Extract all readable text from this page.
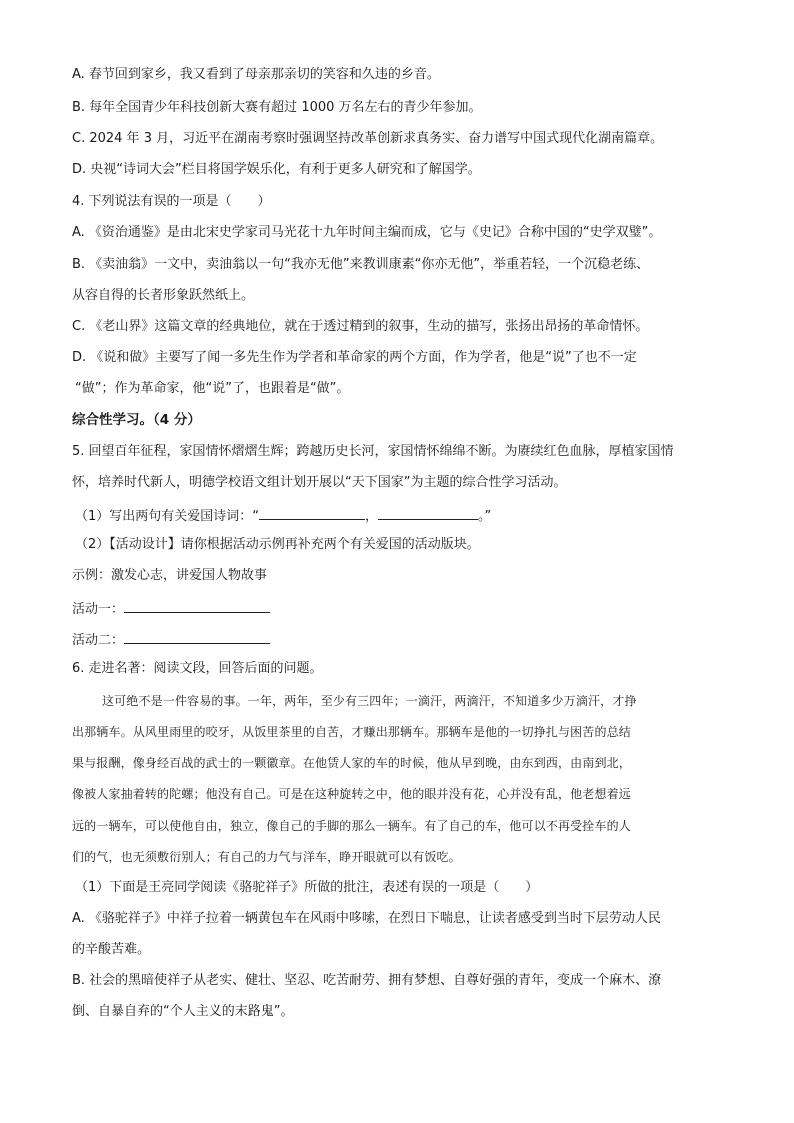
A. 春节回到家乡，我又看到了母亲那亲切的笑容和久违的乡音。
B. 每年全国青少年科技创新大赛有超过 1000 万名左右的青少年参加。
C. 2024 年 3 月，习近平在湖南考察时强调坚持改革创新求真务实、奋力谱写中国式现代化湖南篇章。
D. 央视“诗词大会”栏目将国学娱乐化，有利于更多人研究和了解国学。
4. 下列说法有误的一项是（　　）
A. 《资治通鉴》是由北宋史学家司马光花十九年时间主编而成，它与《史记》合称中国的“史学双璧”。
B. 《卖油翁》一文中，卖油翁以一句“我亦无他”来教训康素“你亦无他”，举重若轻，一个沉稳老练、
从容自得的长者形象跃然纸上。
C. 《老山界》这篇文章的经典地位，就在于透过精到的叙事，生动的描写，张扬出昂扬的革命情怀。
D. 《说和做》主要写了闻一多先生作为学者和革命家的两个方面，作为学者，他是“说”了也不一定
“做”；作为革命家，他“说”了，也跟着是“做”。
综合性学习。（4 分）
5. 回望百年征程，家国情怀熠熠生辉；跨越历史长河，家国情怀绵绵不断。为赓续红色血脉，厚植家国情
怀，培养时代新人，明德学校语文组计划开展以“天下国家”为主题的综合性学习活动。
（1）写出两句有关爱国诗词：“	，	。”
（2）【活动设计】请你根据活动示例再补充两个有关爱国的活动版块。
示例：激发心志，讲爱国人物故事
活动一：
活动二：
6. 走进名著：阅读文段，回答后面的问题。
这可绝不是一件容易的事。一年，两年，至少有三四年；一滴汗，两滴汗，不知道多少万滴汗，才挣
出那辆车。从风里雨里的咬牙，从饭里茶里的自苦，才赚出那辆车。那辆车是他的一切挣扎与困苦的总结
果与报酬，像身经百战的武士的一颗徽章。在他赁人家的车的时候，他从早到晚，由东到西，由南到北，
像被人家抽着转的陀螺；他没有自己。可是在这种旋转之中，他的眼并没有花，心并没有乱，他老想着远
远的一辆车，可以使他自由，独立，像自己的手脚的那么一辆车。有了自己的车，他可以不再受拴车的人
们的气，也无须敷衍别人；有自己的力气与洋车，睁开眼就可以有饭吃。
（1）下面是王亮同学阅读《骆驼祥子》所做的批注，表述有误的一项是（　　）
A. 《骆驼祥子》中祥子拉着一辆黄包车在风雨中哆嗦，在烈日下喘息，让读者感受到当时下层劳动人民
的辛酸苦难。
B. 社会的黑暗使祥子从老实、健壮、坚忍、吃苦耐劳、拥有梦想、自尊好强的青年，变成一个麻木、潦
倒、自暴自弃的“个人主义的末路鬼”。
